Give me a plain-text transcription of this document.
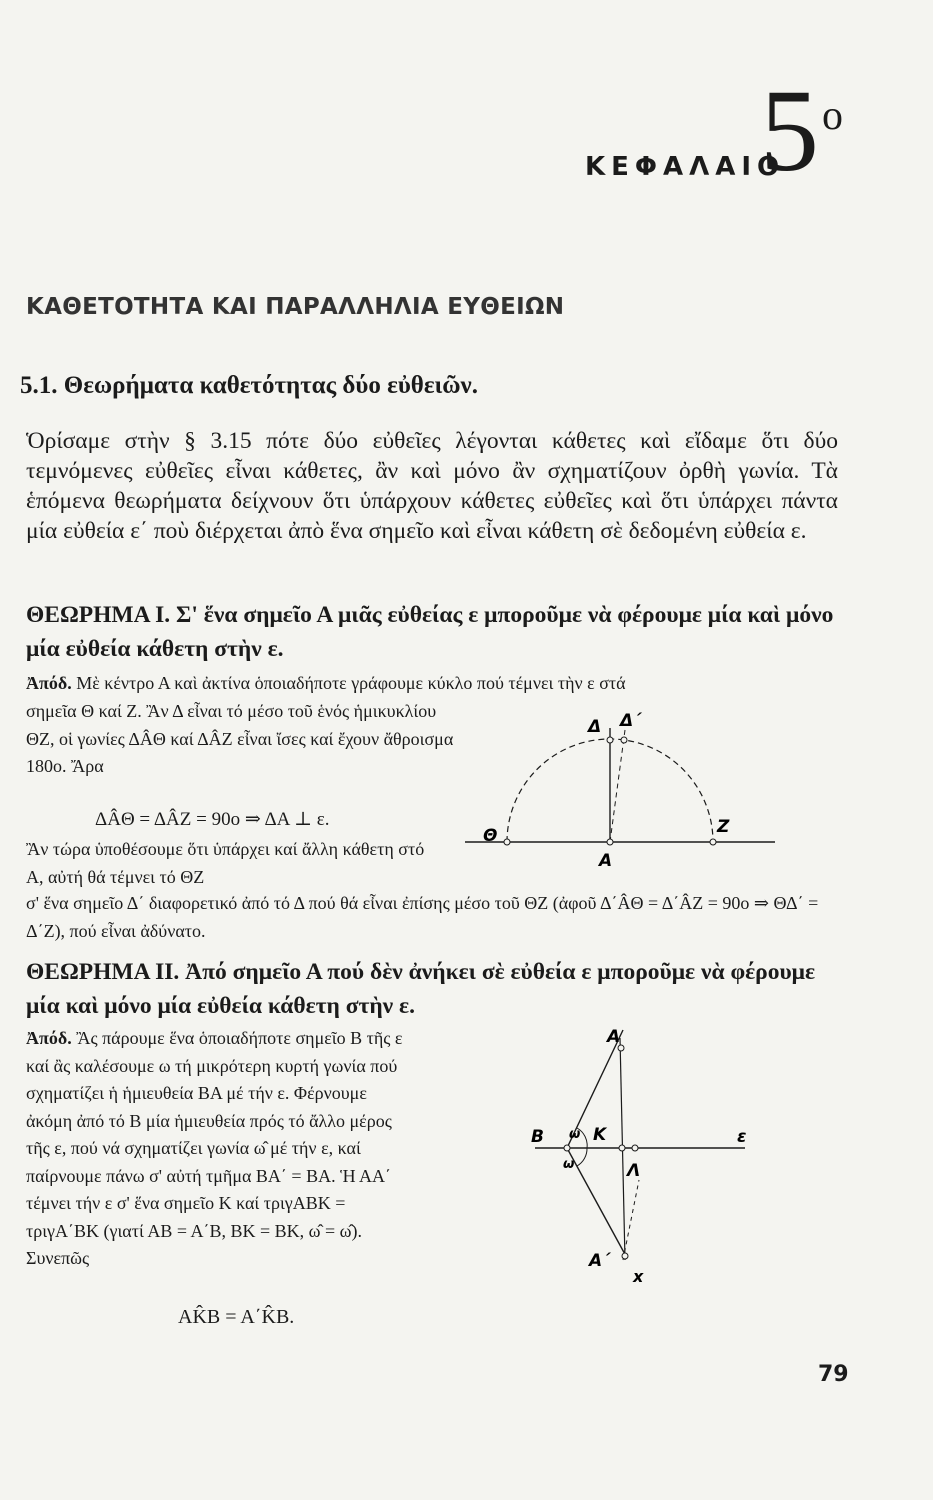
ΚΕΦΑΛΑΙΟ
5 ο
ΚΑΘΕΤΟΤΗΤΑ ΚΑΙ ΠΑΡΑΛΛΗΛΙΑ ΕΥΘΕΙΩΝ
5.1. Θεωρήματα καθετότητας δύο εὐθειῶν.

Ὁρίσαμε στὴν § 3.15 πότε δύο εὐθεῖες λέγονται κάθετες καὶ εἴδαμε ὅτι δύο τεμνόμενες εὐθεῖες εἶναι κάθετες, ἂν καὶ μόνο ἂν σχηματίζουν ὀρθὴ γωνία. Τὰ ἑπόμενα θεωρήματα δείχνουν ὅτι ὑπάρχουν κάθετες εὐθεῖες καὶ ὅτι ὑπάρχει πάντα μία εὐθεία ε΄ ποὺ διέρχεται ἀπὸ ἕνα σημεῖο καὶ εἶναι κάθετη σὲ δεδομένη εὐθεία ε.

ΘΕΩΡΗΜΑ Ι. Σ' ἕνα σημεῖο Α μιᾶς εὐθείας ε μποροῦμε νὰ φέρουμε μία καὶ μόνο μία εὐθεία κάθετη στὴν ε.

Ἀπόδ. Μὲ κέντρο Α καὶ ἀκτίνα ὁποιαδήποτε γράφουμε κύκλο πού τέμνει τὴν ε στά

σημεῖα Θ καί Ζ. Ἂν Δ εἶναι τό μέσο τοῦ ἑνός ἡμικυκλίου ΘΖ, οἱ γωνίες ΔÂΘ καί ΔÂZ εἶναι ἴσες καί ἔχουν ἄθροισμα 180ο. Ἄρα

ΔÂΘ = ΔÂZ = 90ο ⇒ ΔΑ ⊥ ε.

Ἂν τώρα ὑποθέσουμε ὅτι ὑπάρχει καί ἄλλη κάθετη στό Α, αὐτή θά τέμνει τό ΘΖ

σ' ἕνα σημεῖο Δ΄ διαφορετικό ἀπό τό Δ πού θά εἶναι ἐπίσης μέσο τοῦ ΘΖ (ἀφοῦ Δ΄ÂΘ = Δ΄ÂZ = 90ο ⇒ ΘΔ΄ = Δ΄Z), πού εἶναι ἀδύνατο.

Δ Δ΄
Θ	Ζ
Α

ΘΕΩΡΗΜΑ ΙΙ. Ἀπό σημεῖο Α πού δὲν ἀνήκει σὲ εὐθεία ε μποροῦμε νὰ φέρουμε μία καὶ μόνο μία εὐθεία κάθετη στὴν ε.

Ἀπόδ. Ἂς πάρουμε ἕνα ὁποιαδήποτε σημεῖο Β τῆς ε καί ἂς καλέσουμε ω τή μικρότερη κυρτή γωνία πού σχηματίζει ἡ ἡμιευθεία ΒΑ μέ τήν ε. Φέρνουμε ἀκόμη ἀπό τό Β μία ἡμιευθεία πρός τό ἄλλο μέρος τῆς ε, πού νά σχηματίζει γωνία ω̂ μέ τήν ε, καί παίρνουμε πάνω σ' αὐτή τμῆμα ΒΑ΄ = ΒΑ. Ἡ ΑΑ΄ τέμνει τήν ε σ' ἕνα σημεῖο Κ καί τριγΑΒΚ = τριγΑ΄ΒΚ (γιατί ΑΒ = Α΄Β, ΒΚ = ΒΚ, ω̂ = ω̂). Συνεπῶς

ΑK̂Β = Α΄K̂Β.
Α
Β ω Κ	ε
ω	Λ
Α΄
x
79
